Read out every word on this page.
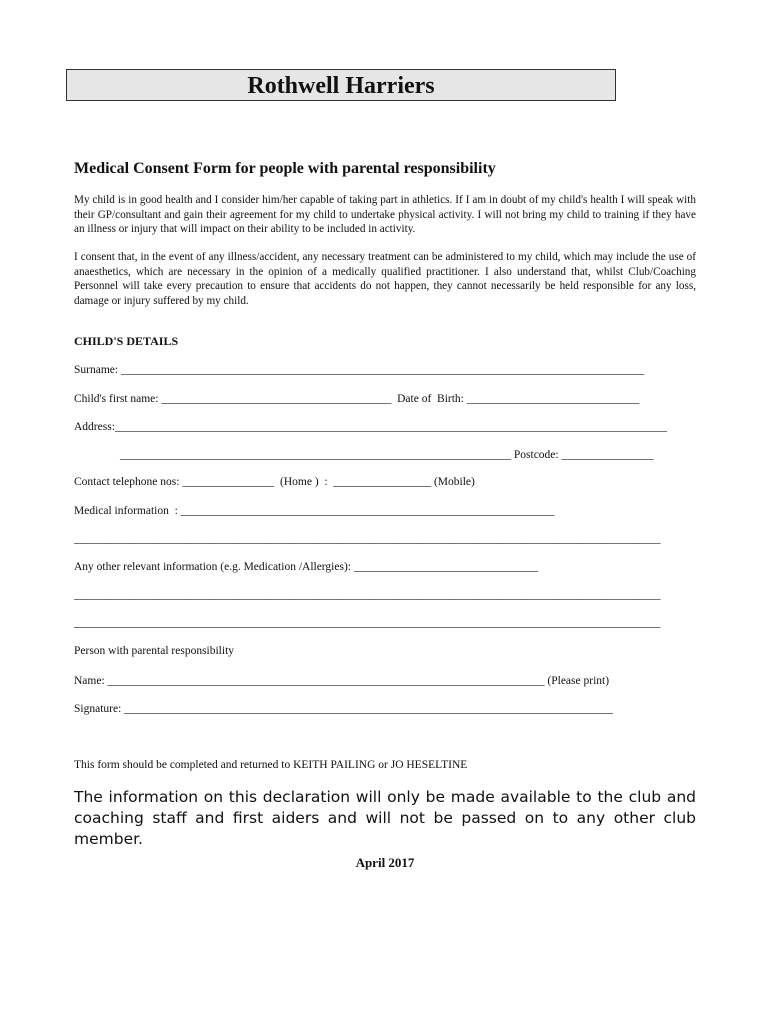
Rothwell Harriers
Medical Consent Form for people with parental responsibility
My child is in good health and I consider him/her capable of taking part in athletics. If I am in doubt of my child's health I will speak with their GP/consultant and gain their agreement for my child to undertake physical activity. I will not bring my child to training if they have an illness or injury that will impact on their ability to be included in activity.
I consent that, in the event of any illness/accident, any necessary treatment can be administered to my child, which may include the use of anaesthetics, which are necessary in the opinion of a medically qualified practitioner. I also understand that, whilst Club/Coaching Personnel will take every precaution to ensure that accidents do not happen, they cannot necessarily be held responsible for any loss, damage or injury suffered by my child.
CHILD'S DETAILS
Surname: ___________________________________________________________________________________________
Child's first name: ________________________________________  Date of  Birth: ______________________________
Address:________________________________________________________________________________________________
____________________________________________________________________ Postcode: ________________
Contact telephone nos: ________________  (Home )  :  _________________ (Mobile)
Medical information  : _________________________________________________________________
______________________________________________________________________________________________________
Any other relevant information (e.g. Medication /Allergies): ________________________________
______________________________________________________________________________________________________
______________________________________________________________________________________________________
Person with parental responsibility
Name: ____________________________________________________________________________ (Please print)
Signature: _____________________________________________________________________________________
This form should be completed and returned to KEITH PAILING or JO HESELTINE
The information on this declaration will only be made available to the club and coaching staff and first aiders and will not be passed on to any other club member.
April 2017
